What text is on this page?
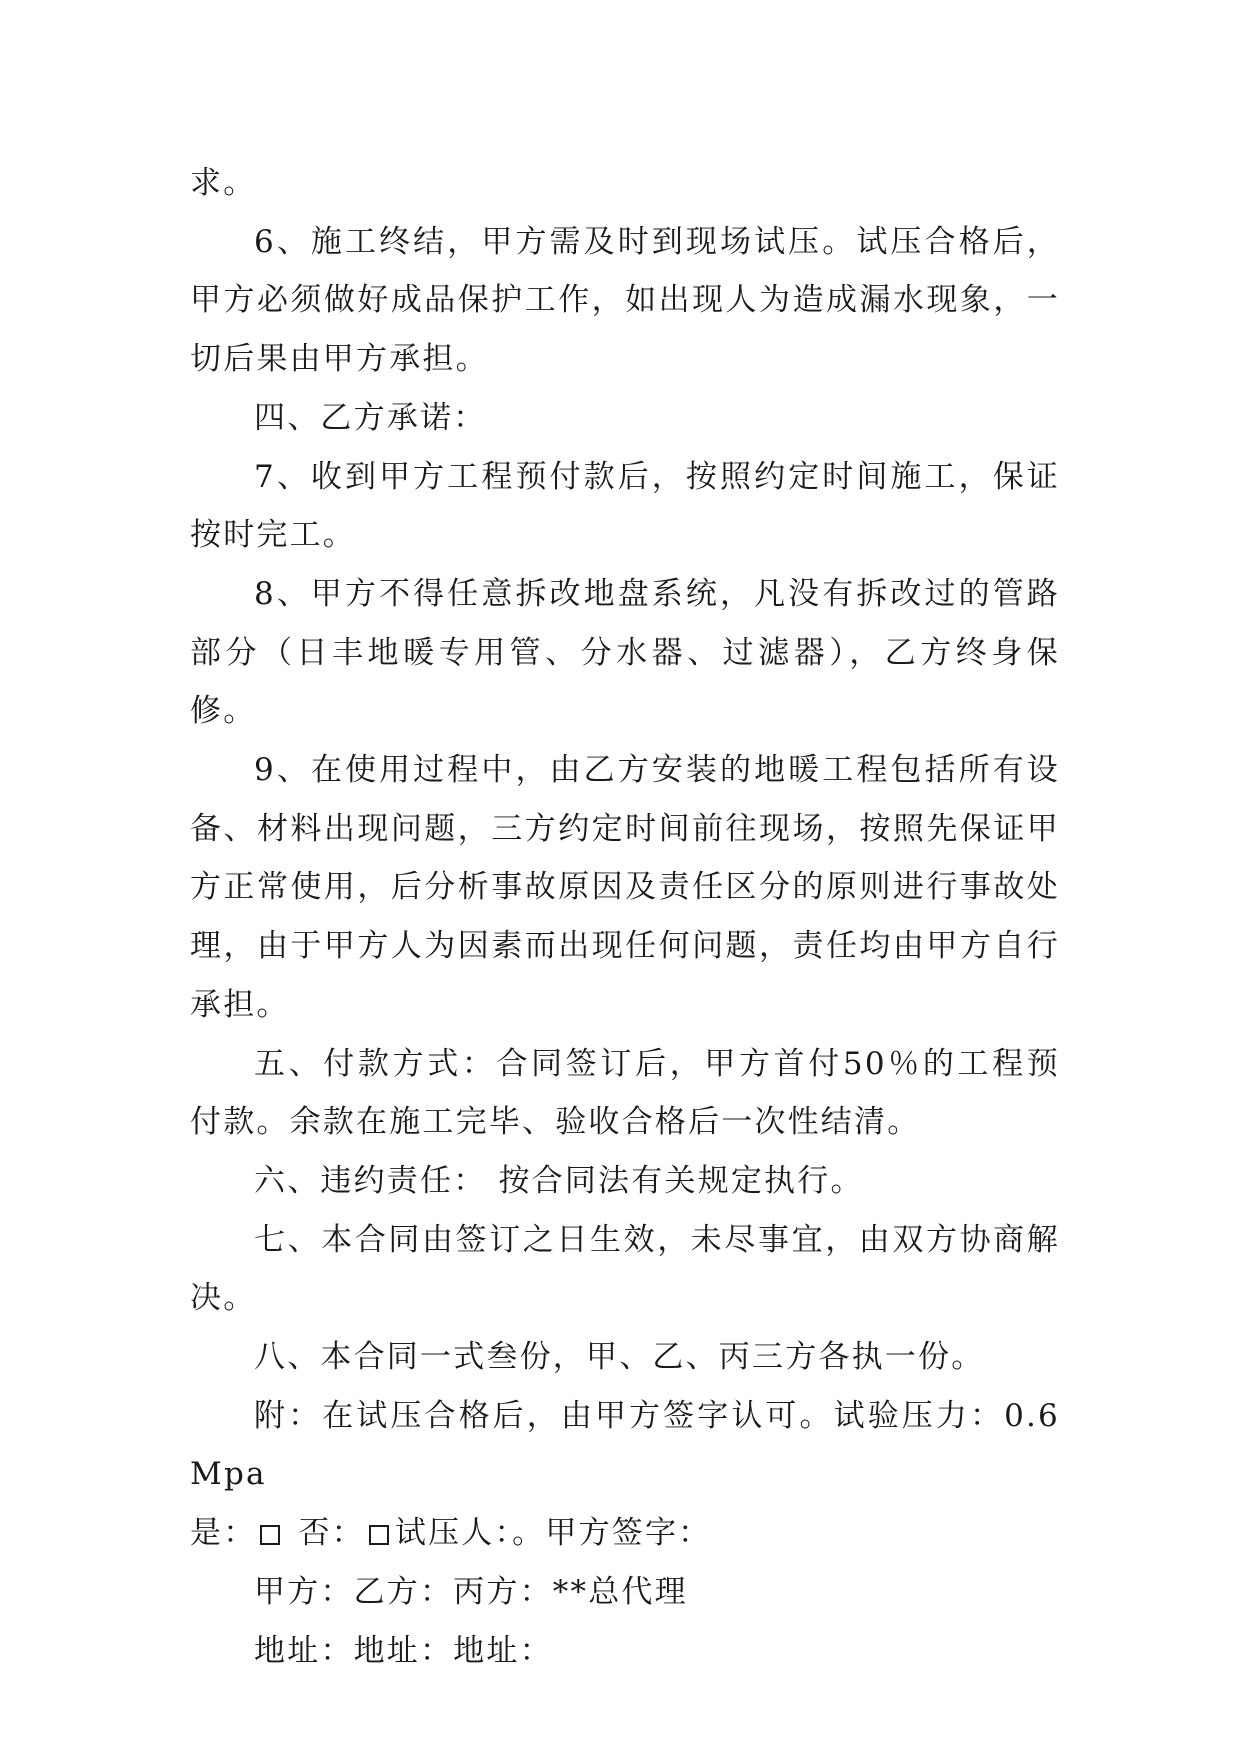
求。

6、施工终结，甲方需及时到现场试压。试压合格后，甲方必须做好成品保护工作，如出现人为造成漏水现象，一切后果由甲方承担。

四、乙方承诺：

7、收到甲方工程预付款后，按照约定时间施工，保证按时完工。

8、甲方不得任意拆改地盘系统，凡没有拆改过的管路部分（日丰地暖专用管、分水器、过滤器），乙方终身保修。

9、在使用过程中，由乙方安装的地暖工程包括所有设备、材料出现问题，三方约定时间前往现场，按照先保证甲方正常使用，后分析事故原因及责任区分的原则进行事故处理，由于甲方人为因素而出现任何问题，责任均由甲方自行承担。

五、付款方式：合同签订后，甲方首付50％的工程预付款。余款在施工完毕、验收合格后一次性结清。

六、违约责任： 按合同法有关规定执行。

七、本合同由签订之日生效，未尽事宜，由双方协商解决。

八、本合同一式叁份，甲、乙、丙三方各执一份。

附：在试压合格后，由甲方签字认可。试验压力：0.6Mpa

是： 否： 试压人：。甲方签字：

甲方：乙方：丙方：**总代理

地址：地址：地址：
